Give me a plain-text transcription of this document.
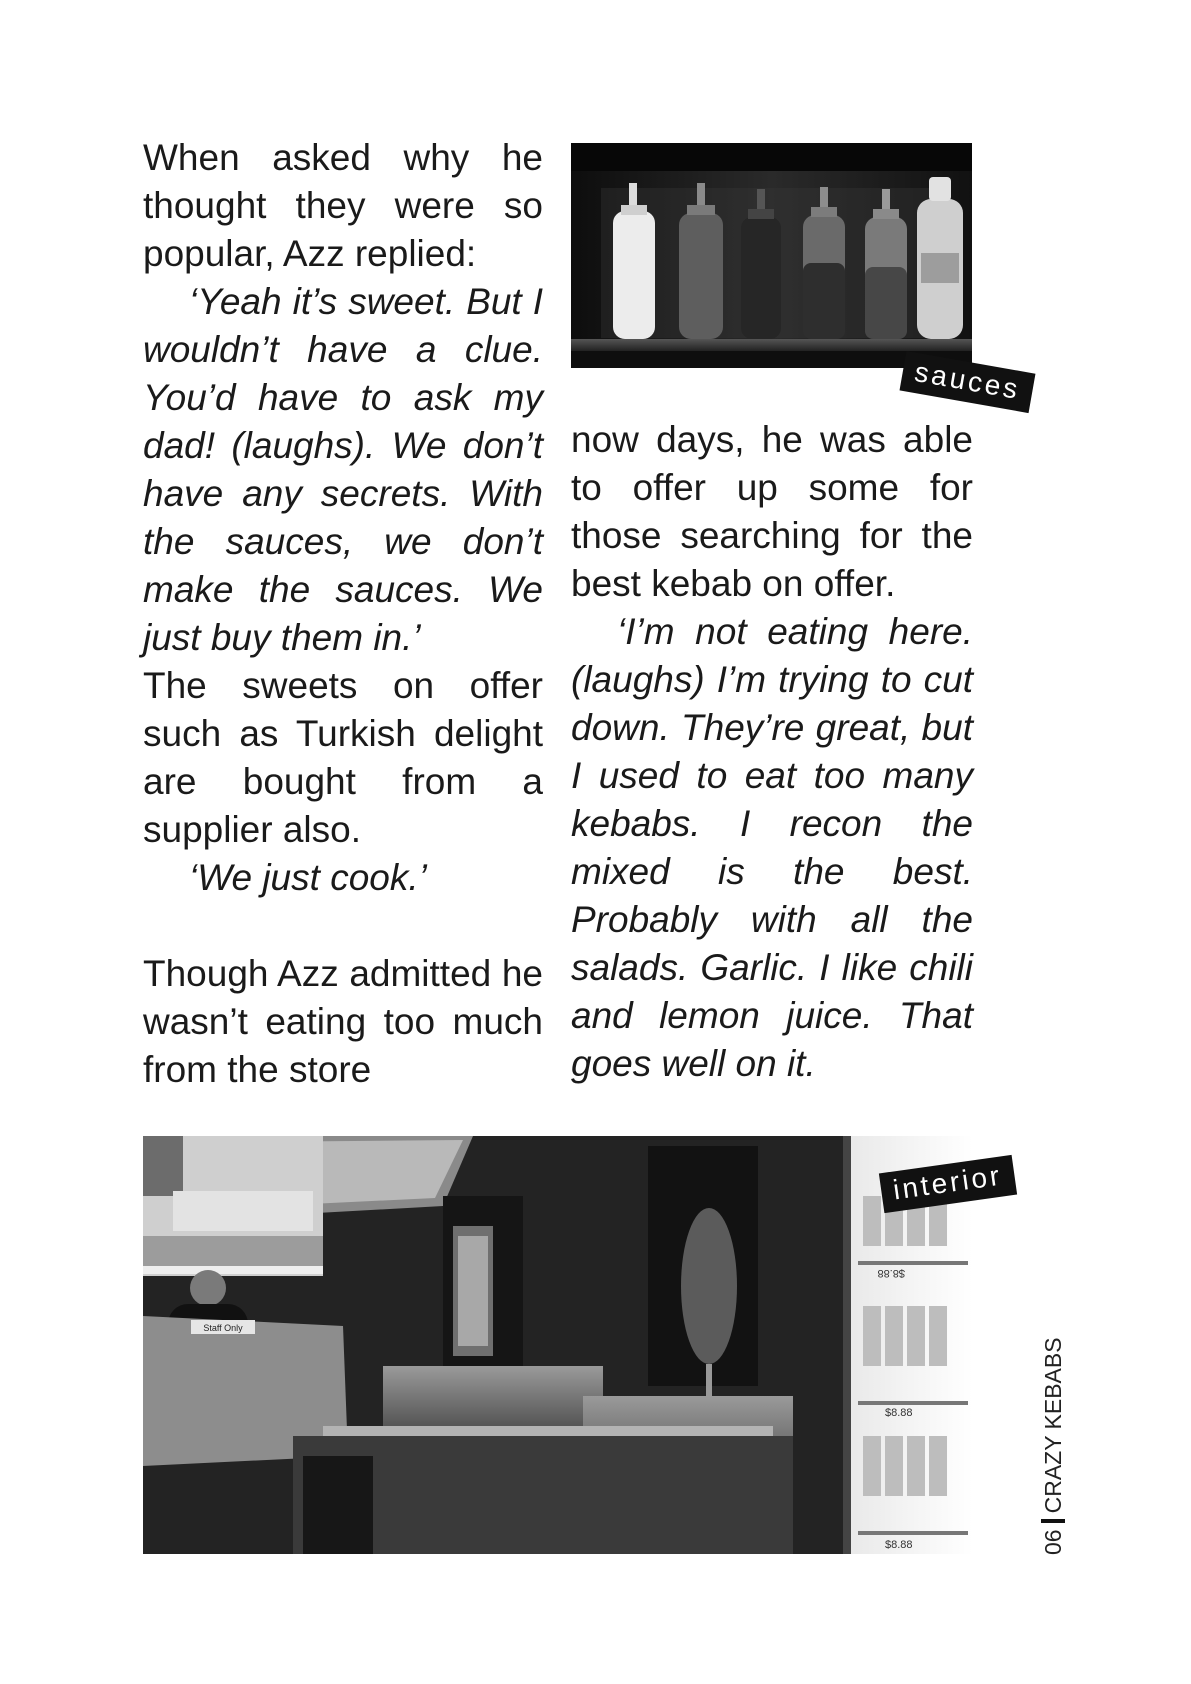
When asked why he thought they were so popular, Azz replied:

‘Yeah it’s sweet. But I wouldn’t have a clue. You’d have to ask my dad! (laughs). We don’t have any secrets. With the sauces, we don’t make the sauces. We just buy them in.’

The sweets on offer such as Turkish delight are bought from a supplier also.

‘We just cook.’

Though Azz admitted he wasn’t eating too much from the store

sauces

now days, he was able to offer up some for those searching for the best kebab on offer.

‘I’m not eating here. (laughs) I’m trying to cut down. They’re great, but I used to eat too many kebabs. I recon the mixed is the best. Probably with all the salads. Garlic. I like chili and lemon juice. That goes well on it.

Staff Only
$8.88
$8.88
$8.88
interior
06CRAZY KEBABS
